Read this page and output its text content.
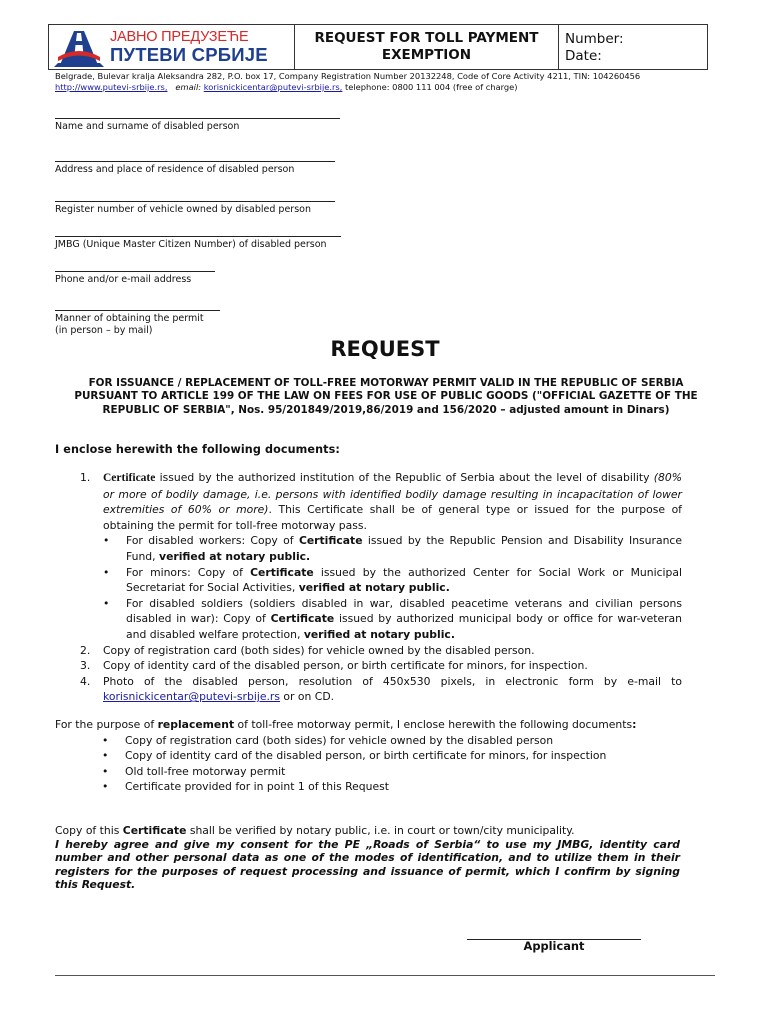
ЈАВНО ПРЕДУЗЕЋЕ
ПУТЕВИ СРБИЈЕ
REQUEST FOR TOLL PAYMENT
EXEMPTION
Number:
Date:
Belgrade, Bulevar kralja Aleksandra 282, P.O. box 17, Company Registration Number 20132248, Code of Core Activity 4211, TIN: 104260456
http://www.putevi-srbije.rs, email: korisnickicentar@putevi-srbije.rs, telephone: 0800 111 004 (free of charge)
Name and surname of disabled person
Address and place of residence of disabled person
Register number of vehicle owned by disabled person
JMBG (Unique Master Citizen Number) of disabled person
Phone and/or e-mail address
Manner of obtaining the permit
(in person – by mail)
REQUEST
FOR ISSUANCE / REPLACEMENT OF TOLL-FREE MOTORWAY PERMIT VALID IN THE REPUBLIC OF SERBIA PURSUANT TO ARTICLE 199 OF THE LAW ON FEES FOR USE OF PUBLIC GOODS ("OFFICIAL GAZETTE OF THE REPUBLIC OF SERBIA", Nos. 95/201849/2019,86/2019 and 156/2020 – adjusted amount in Dinars)
I enclose herewith the following documents:
1.	Certificate issued by the authorized institution of the Republic of Serbia about the level of disability (80% or more of bodily damage, i.e. persons with identified bodily damage resulting in incapacitation of lower extremities of 60% or more). This Certificate shall be of general type or issued for the purpose of obtaining the permit for toll-free motorway pass.
•	For disabled workers: Copy of Certificate issued by the Republic Pension and Disability Insurance Fund, verified at notary public.
•	For minors: Copy of Certificate issued by the authorized Center for Social Work or Municipal Secretariat for Social Activities, verified at notary public.
•	For disabled soldiers (soldiers disabled in war, disabled peacetime veterans and civilian persons disabled in war): Copy of Certificate issued by authorized municipal body or office for war-veteran and disabled welfare protection, verified at notary public.
2.	Copy of registration card (both sides) for vehicle owned by the disabled person.
3.	Copy of identity card of the disabled person, or birth certificate for minors, for inspection.
4.	Photo of the disabled person, resolution of 450x530 pixels, in electronic form by e-mail to korisnickicentar@putevi-srbije.rs or on CD.
For the purpose of replacement of toll-free motorway permit, I enclose herewith the following documents:
•	Copy of registration card (both sides) for vehicle owned by the disabled person
•	Copy of identity card of the disabled person, or birth certificate for minors, for inspection
•	Old toll-free motorway permit
•	Certificate provided for in point 1 of this Request
Copy of this Certificate shall be verified by notary public, i.e. in court or town/city municipality.
I hereby agree and give my consent for the PE „Roads of Serbia“ to use my JMBG, identity card number and other personal data as one of the modes of identification, and to utilize them in their registers for the purposes of request processing and issuance of permit, which I confirm by signing this Request.
Applicant
